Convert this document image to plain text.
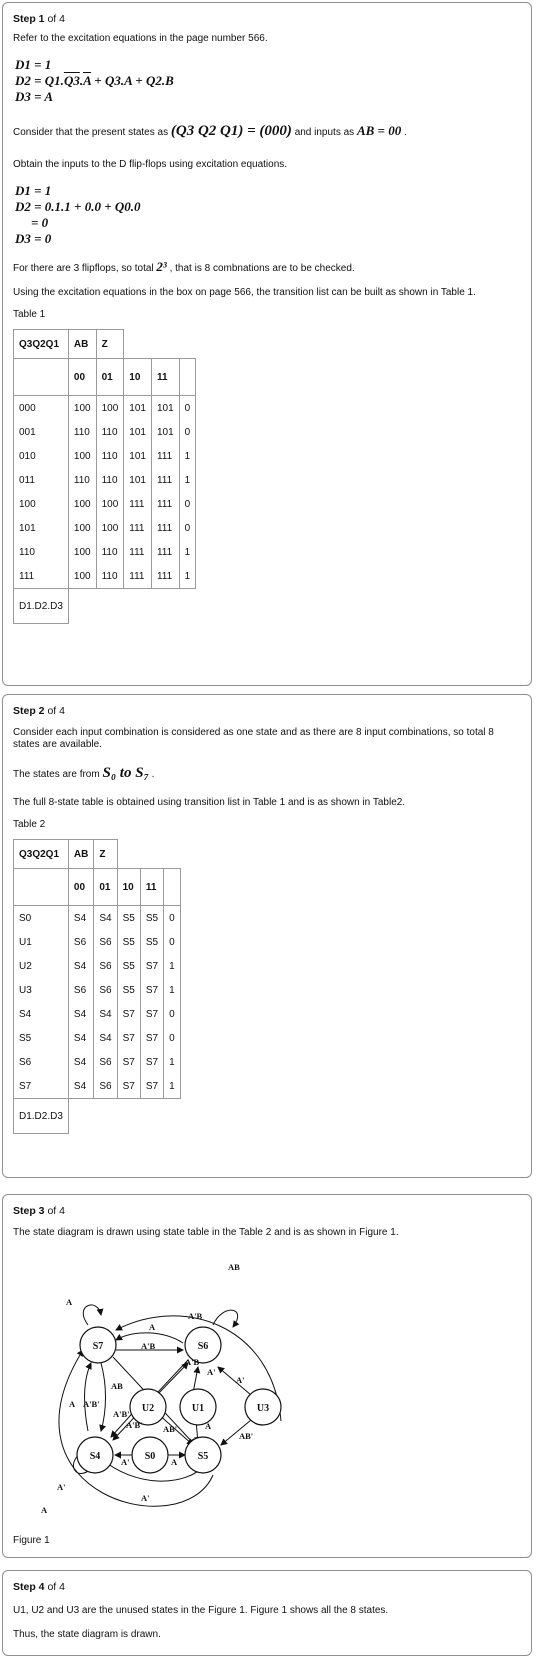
Step 1 of 4
Refer to the excitation equations in the page number 566.
D1 = 1
$D2 = Q1.Q3.\overline{A} + Q3.A + Q2.B$
D3 = A
Consider that the present states as (Q3 Q2 Q1) = (000) and inputs as AB = 00 .
Obtain the inputs to the D flip-flops using excitation equations.
D1 = 1
D2 = 0.1.1 + 0.0 + Q0.0
= 0
D3 = 0
For there are 3 flipflops, so total 2³ , that is 8 combnations are to be checked.
Using the excitation equations in the box on page 566, the transition list can be built as shown in Table 1.
Table 1
Q3Q2Q1	AB	Z			
	00	01	10	11	
000	100	100	101	101	0
001	110	110	101	101	0
010	100	110	101	111	1
011	110	110	101	111	1
100	100	100	111	111	0
101	100	100	111	111	0
110	100	110	111	111	1
111	100	110	111	111	1
D1.D2.D3					
Step 2 of 4
Consider each input combination is considered as one state and as there are 8 input combinations, so total 8 states are available.
The states are from S₀ to S₇ .
The full 8-state table is obtained using transition list in Table 1 and is as shown in Table2.
Table 2
Q3Q2Q1	AB	Z			
	00	01	10	11	
S0	S4	S4	S5	S5	0
U1	S6	S6	S5	S5	0
U2	S4	S6	S5	S7	1
U3	S6	S6	S5	S7	1
S4	S4	S4	S7	S7	0
S5	S4	S4	S7	S7	0
S6	S4	S6	S7	S7	1
S7	S4	S6	S7	S7	1
D1.D2.D3					
Step 3 of 4
The state diagram is drawn using state table in the Table 2 and is as shown in Figure 1.
S7	S6
U2	U1	U3
S4	S0	S5
A
AB
A'B
A
A'B
A'B
A'
A'
AB
A A'B'
A'B'
A'B' AB'	A
AB'
A'	A
A'
A'
A
Figure 1
Step 4 of 4
U1, U2 and U3 are the unused states in the Figure 1. Figure 1 shows all the 8 states.
Thus, the state diagram is drawn.
